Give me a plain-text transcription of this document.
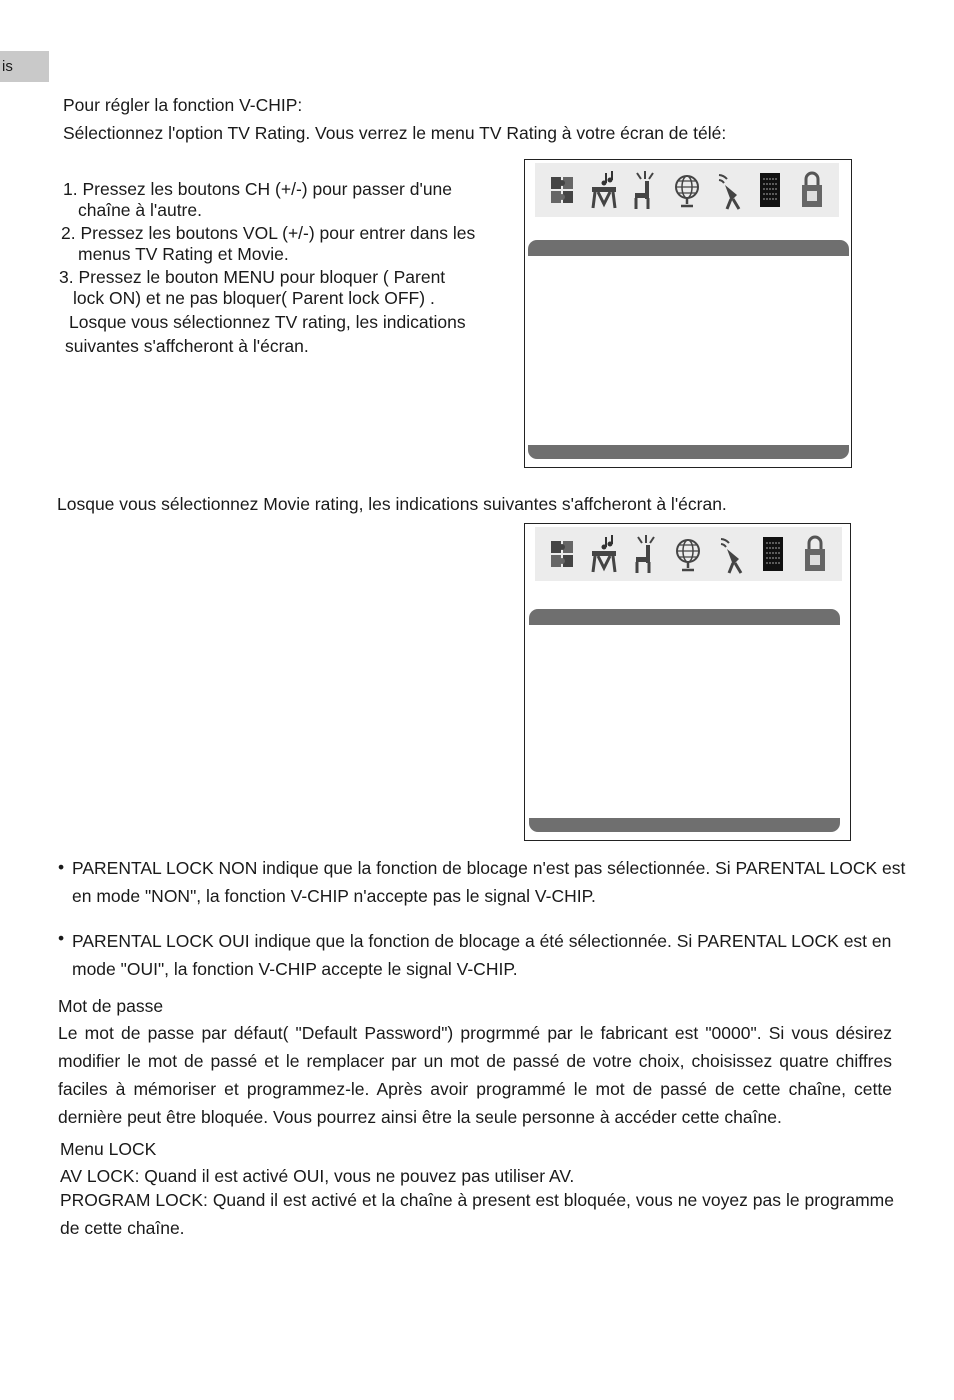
is
Pour régler la fonction V-CHIP:
Sélectionnez l'option TV Rating. Vous verrez le menu TV Rating à votre écran de télé:
1. Pressez les boutons CH (+/-) pour passer d'une
chaîne à l'autre.
2. Pressez les boutons VOL (+/-) pour entrer dans les
menus TV Rating et Movie.
3. Pressez le bouton MENU pour bloquer ( Parent
lock ON) et ne pas bloquer( Parent lock OFF) .
Losque vous sélectionnez TV rating, les indications
suivantes s'affcheront à l'écran.
Losque vous sélectionnez Movie rating, les indications suivantes s'affcheront à l'écran.
• PARENTAL LOCK NON indique que la fonction de blocage n'est pas sélectionnée. Si PARENTAL LOCK est
en mode "NON", la fonction V-CHIP n'accepte pas le signal V-CHIP.
• PARENTAL LOCK OUI indique que la fonction de blocage a été sélectionnée. Si PARENTAL LOCK est en
mode "OUI", la fonction V-CHIP accepte le signal V-CHIP.
Mot de passe
Le mot de passe par défaut( "Default Password") progrmmé par le fabricant est "0000". Si vous désirez modifier le mot de passé et le remplacer par un mot de passé de votre choix, choisissez quatre chiffres faciles à mémoriser et programmez-le. Après avoir programmé le mot de passé de cette chaîne, cette dernière peut être bloquée. Vous pourrez ainsi être la seule personne à accéder cette chaîne.
Menu LOCK
AV LOCK: Quand il est activé OUI, vous ne pouvez pas utiliser AV.
PROGRAM LOCK: Quand il est activé et la chaîne à present est bloquée, vous ne voyez pas le programme de cette chaîne.
